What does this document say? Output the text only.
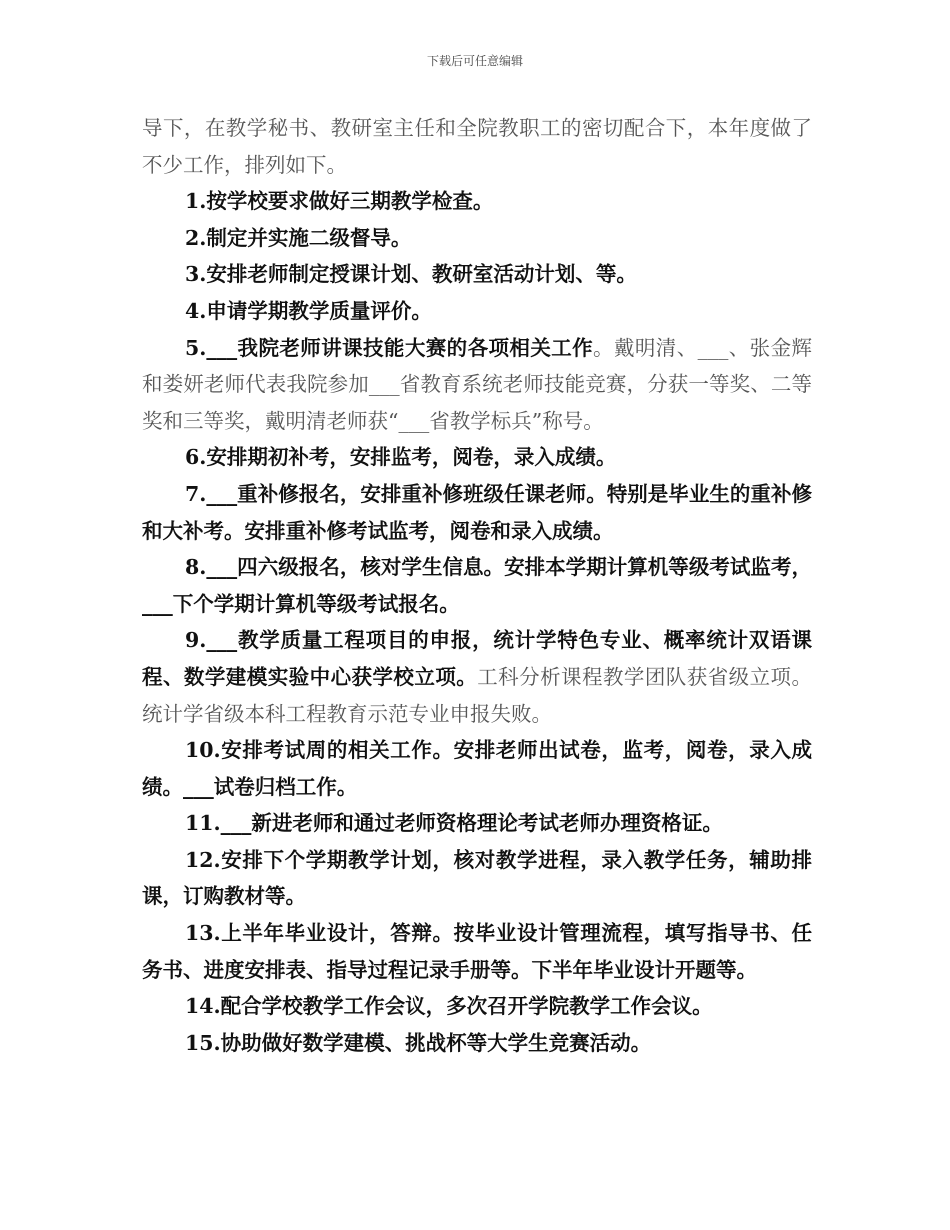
下载后可任意编辑

导下，在教学秘书、教研室主任和全院教职工的密切配合下，本年度做了不少工作，排列如下。

1.按学校要求做好三期教学检查。

2.制定并实施二级督导。

3.安排老师制定授课计划、教研室活动计划、等。

4.申请学期教学质量评价。

5.___我院老师讲课技能大赛的各项相关工作。戴明清、___、张金辉和娄妍老师代表我院参加___省教育系统老师技能竞赛，分获一等奖、二等奖和三等奖，戴明清老师获“___省教学标兵”称号。

6.安排期初补考，安排监考，阅卷，录入成绩。

7.___重补修报名，安排重补修班级任课老师。特别是毕业生的重补修和大补考。安排重补修考试监考，阅卷和录入成绩。

8.___四六级报名，核对学生信息。安排本学期计算机等级考试监考，___下个学期计算机等级考试报名。

9.___教学质量工程项目的申报，统计学特色专业、概率统计双语课程、数学建模实验中心获学校立项。工科分析课程教学团队获省级立项。统计学省级本科工程教育示范专业申报失败。

10.安排考试周的相关工作。安排老师出试卷，监考，阅卷，录入成绩。___试卷归档工作。

11.___新进老师和通过老师资格理论考试老师办理资格证。

12.安排下个学期教学计划，核对教学进程，录入教学任务，辅助排课，订购教材等。

13.上半年毕业设计，答辩。按毕业设计管理流程，填写指导书、任务书、进度安排表、指导过程记录手册等。下半年毕业设计开题等。

14.配合学校教学工作会议，多次召开学院教学工作会议。

15.协助做好数学建模、挑战杯等大学生竞赛活动。
